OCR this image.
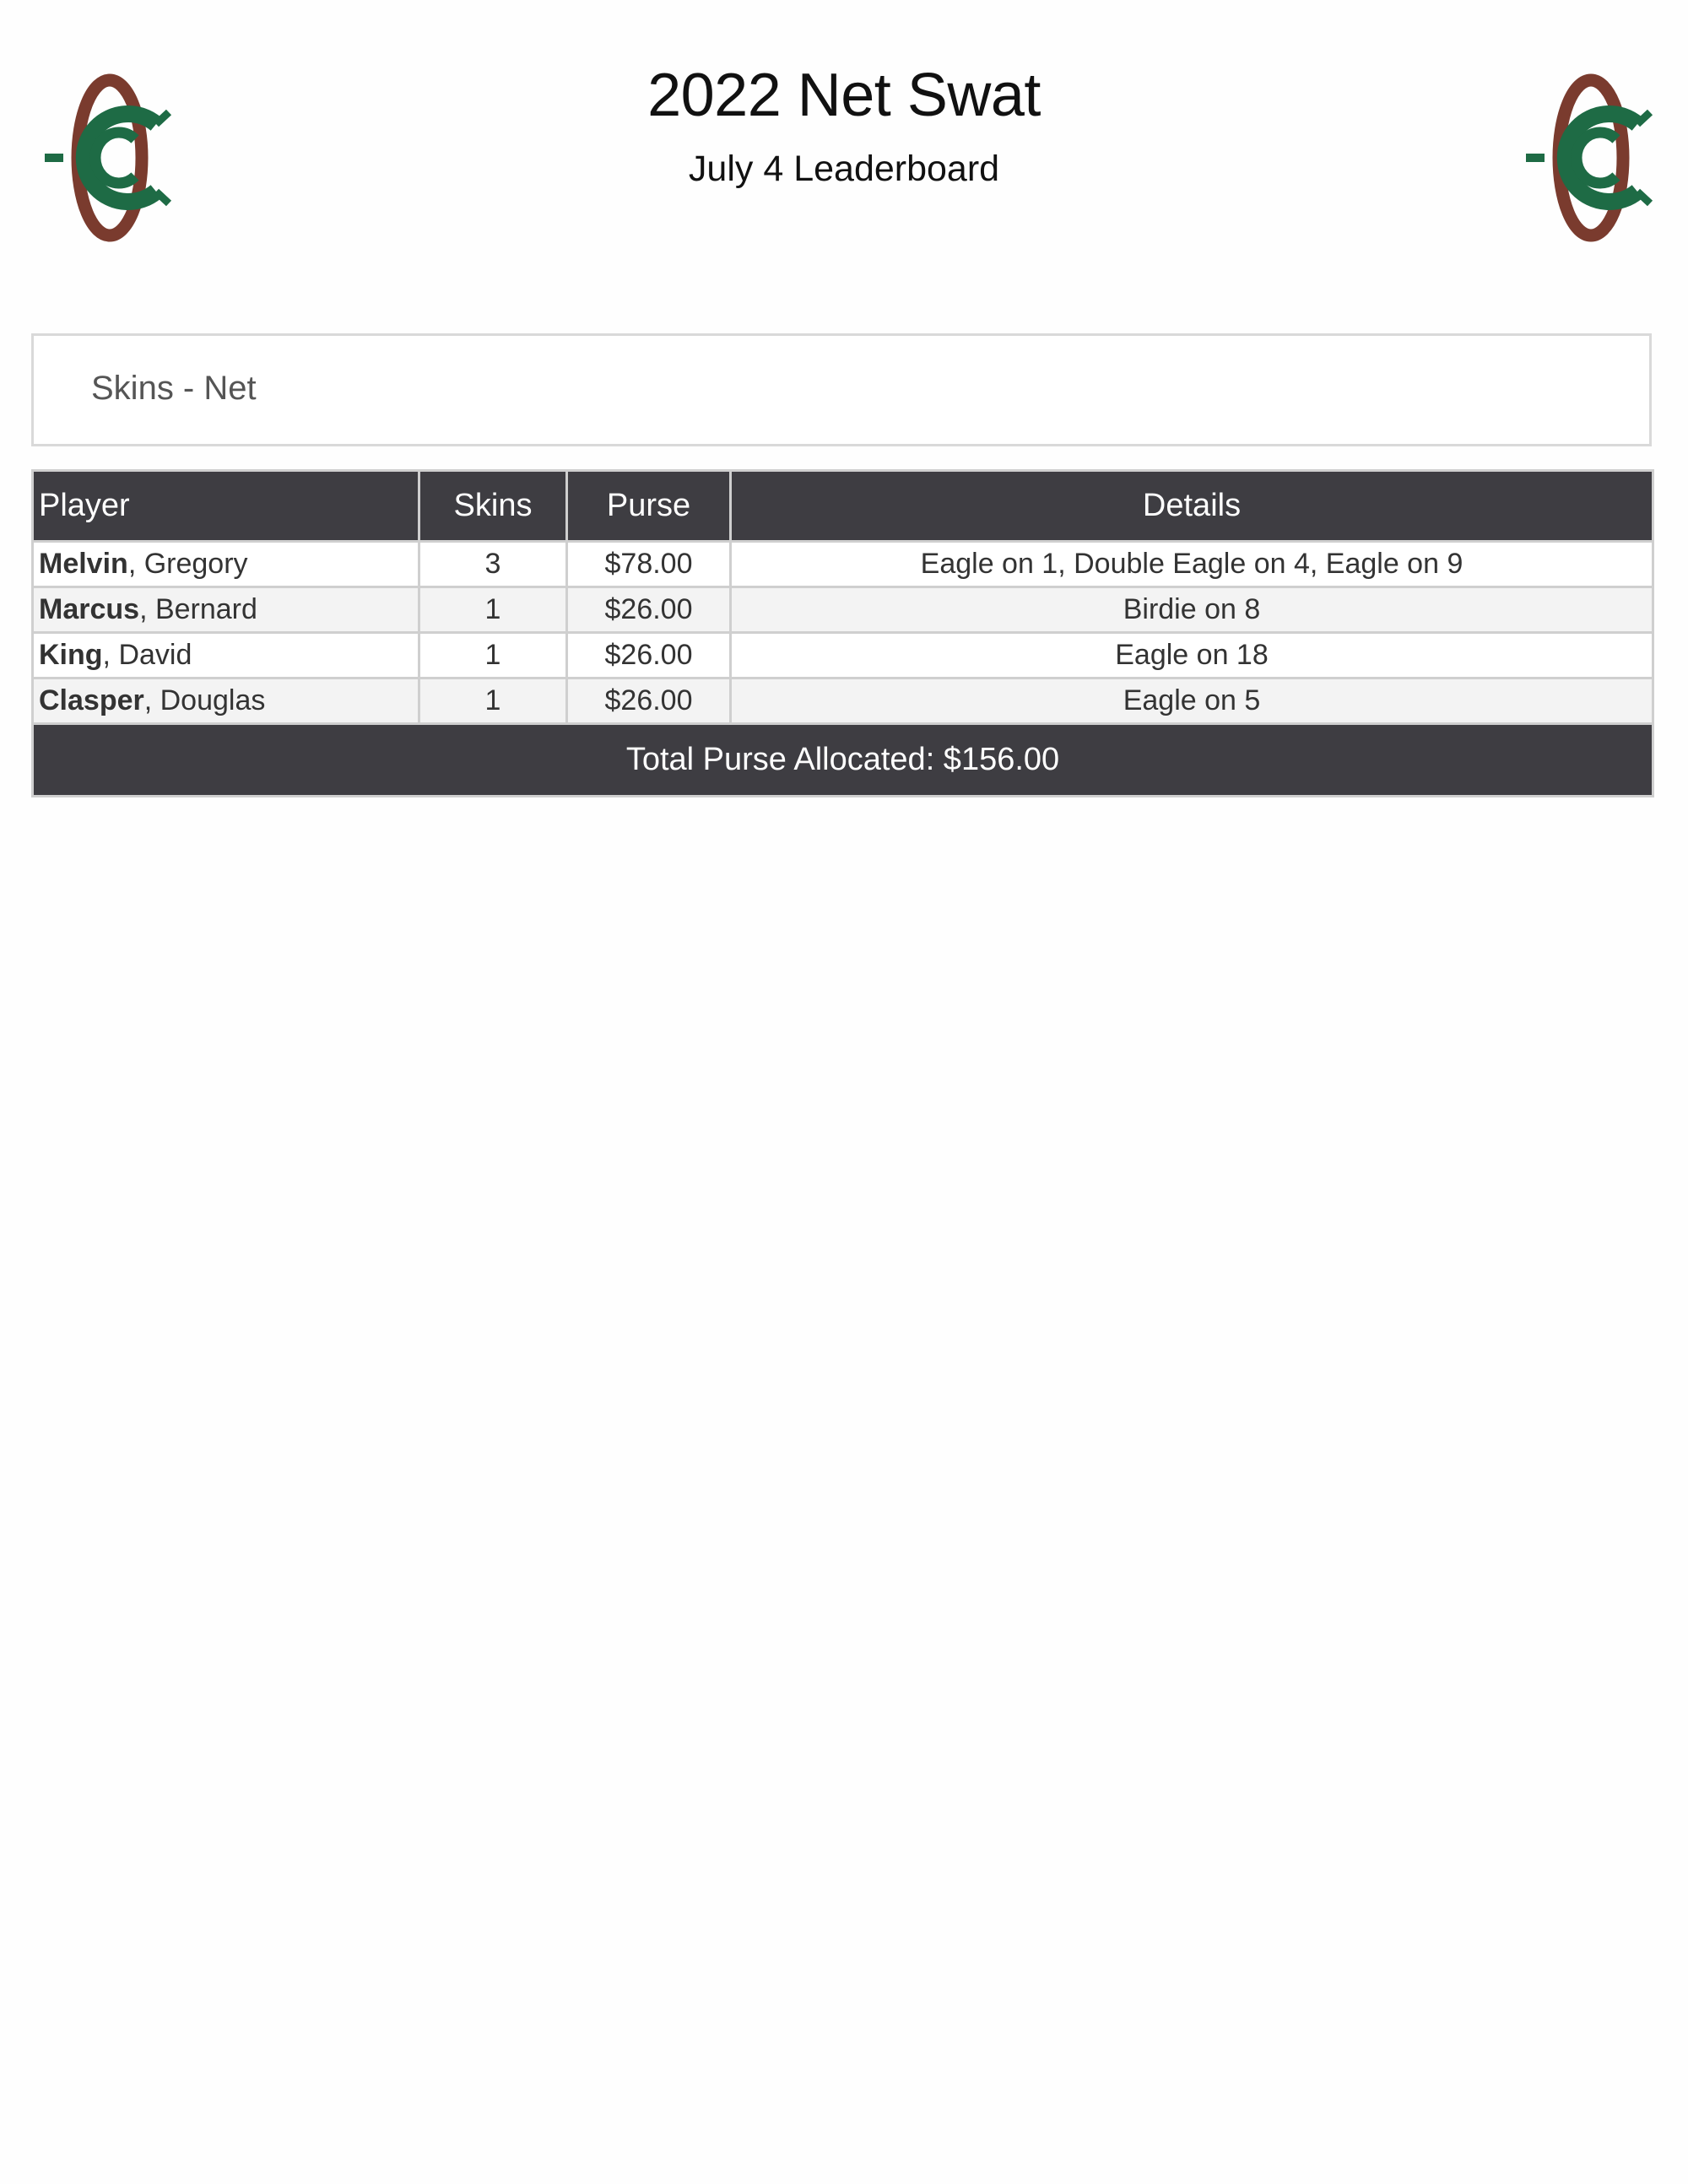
2022 Net Swat
July 4 Leaderboard
Skins - Net
Player	Skins	Purse	Details
Melvin, Gregory	3	$78.00	Eagle on 1, Double Eagle on 4, Eagle on 9
Marcus, Bernard	1	$26.00	Birdie on 8
King, David	1	$26.00	Eagle on 18
Clasper, Douglas	1	$26.00	Eagle on 5
Total Purse Allocated: $156.00			
